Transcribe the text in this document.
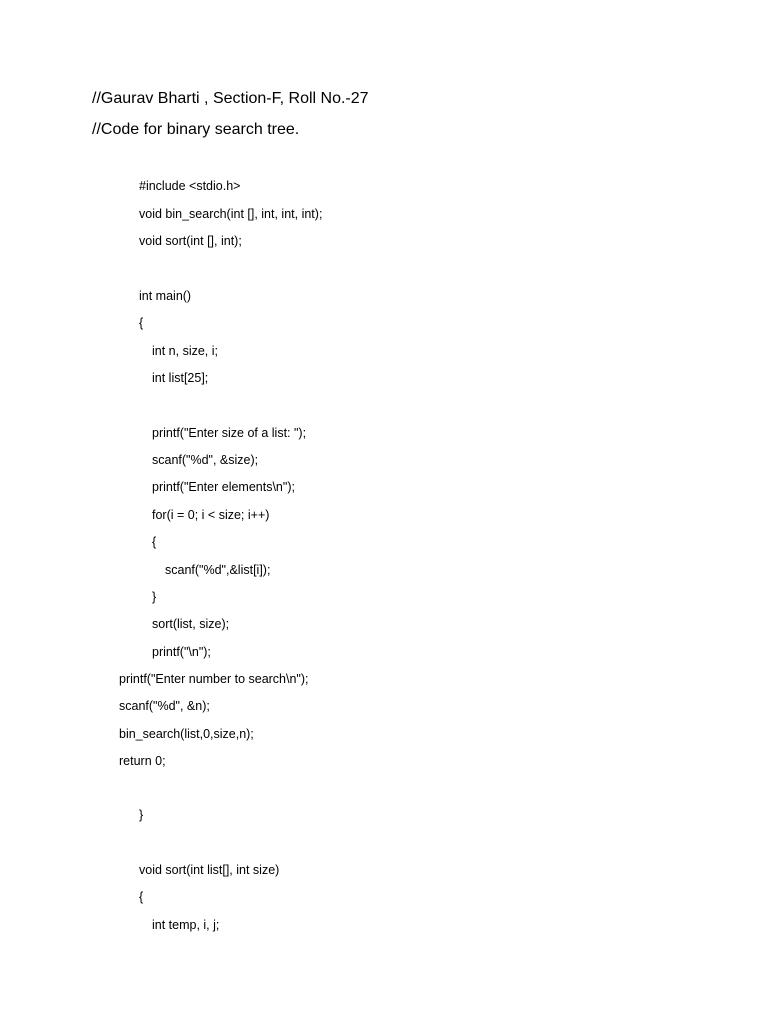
//Gaurav Bharti , Section-F, Roll No.-27
//Code for binary search tree.
#include <stdio.h>
void bin_search(int [], int, int, int);
void sort(int [], int);
int main()
{
int n, size, i;
int list[25];
printf("Enter size of a list: ");
scanf("%d", &size);
printf("Enter elements\n");
for(i = 0; i < size; i++)
{
scanf("%d",&list[i]);
}
sort(list, size);
printf("\n");
printf("Enter number to search\n");
scanf("%d", &n);
bin_search(list,0,size,n);
return 0;
}
void sort(int list[], int size)
{
int temp, i, j;
